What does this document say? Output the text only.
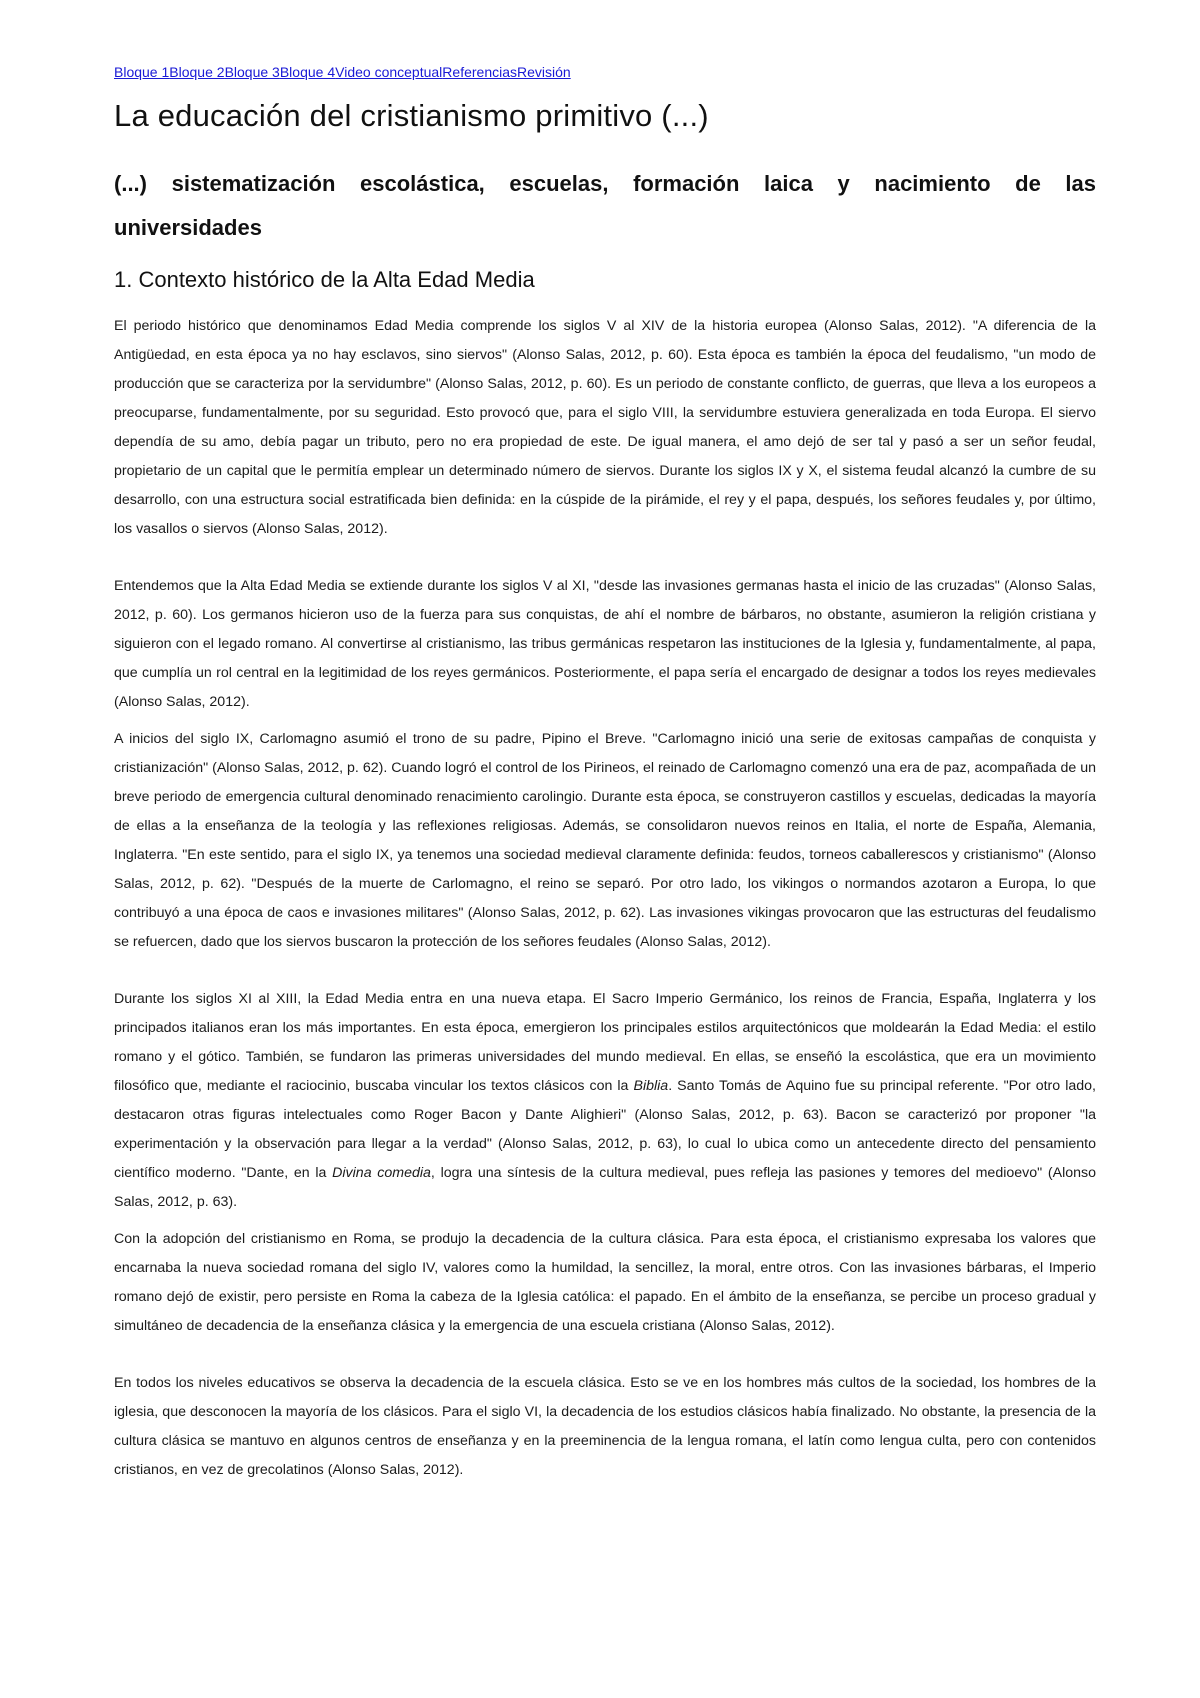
Bloque 1Bloque 2Bloque 3Bloque 4Video conceptualReferenciasRevisión
La educación del cristianismo primitivo (...)
(...) sistematización escolástica, escuelas, formación laica y nacimiento de las universidades
1. Contexto histórico de la Alta Edad Media

El periodo histórico que denominamos Edad Media comprende los siglos V al XIV de la historia europea (Alonso Salas, 2012). "A diferencia de la Antigüedad, en esta época ya no hay esclavos, sino siervos" (Alonso Salas, 2012, p. 60). Esta época es también la época del feudalismo, "un modo de producción que se caracteriza por la servidumbre" (Alonso Salas, 2012, p. 60). Es un periodo de constante conflicto, de guerras, que lleva a los europeos a preocuparse, fundamentalmente, por su seguridad. Esto provocó que, para el siglo VIII, la servidumbre estuviera generalizada en toda Europa. El siervo dependía de su amo, debía pagar un tributo, pero no era propiedad de este. De igual manera, el amo dejó de ser tal y pasó a ser un señor feudal, propietario de un capital que le permitía emplear un determinado número de siervos. Durante los siglos IX y X, el sistema feudal alcanzó la cumbre de su desarrollo, con una estructura social estratificada bien definida: en la cúspide de la pirámide, el rey y el papa, después, los señores feudales y, por último, los vasallos o siervos (Alonso Salas, 2012).

Entendemos que la Alta Edad Media se extiende durante los siglos V al XI, "desde las invasiones germanas hasta el inicio de las cruzadas" (Alonso Salas, 2012, p. 60). Los germanos hicieron uso de la fuerza para sus conquistas, de ahí el nombre de bárbaros, no obstante, asumieron la religión cristiana y siguieron con el legado romano. Al convertirse al cristianismo, las tribus germánicas respetaron las instituciones de la Iglesia y, fundamentalmente, al papa, que cumplía un rol central en la legitimidad de los reyes germánicos. Posteriormente, el papa sería el encargado de designar a todos los reyes medievales (Alonso Salas, 2012).

A inicios del siglo IX, Carlomagno asumió el trono de su padre, Pipino el Breve. "Carlomagno inició una serie de exitosas campañas de conquista y cristianización" (Alonso Salas, 2012, p. 62). Cuando logró el control de los Pirineos, el reinado de Carlomagno comenzó una era de paz, acompañada de un breve periodo de emergencia cultural denominado renacimiento carolingio. Durante esta época, se construyeron castillos y escuelas, dedicadas la mayoría de ellas a la enseñanza de la teología y las reflexiones religiosas. Además, se consolidaron nuevos reinos en Italia, el norte de España, Alemania, Inglaterra. "En este sentido, para el siglo IX, ya tenemos una sociedad medieval claramente definida: feudos, torneos caballerescos y cristianismo" (Alonso Salas, 2012, p. 62). "Después de la muerte de Carlomagno, el reino se separó. Por otro lado, los vikingos o normandos azotaron a Europa, lo que contribuyó a una época de caos e invasiones militares" (Alonso Salas, 2012, p. 62). Las invasiones vikingas provocaron que las estructuras del feudalismo se refuercen, dado que los siervos buscaron la protección de los señores feudales (Alonso Salas, 2012).

Durante los siglos XI al XIII, la Edad Media entra en una nueva etapa. El Sacro Imperio Germánico, los reinos de Francia, España, Inglaterra y los principados italianos eran los más importantes. En esta época, emergieron los principales estilos arquitectónicos que moldearán la Edad Media: el estilo romano y el gótico. También, se fundaron las primeras universidades del mundo medieval. En ellas, se enseñó la escolástica, que era un movimiento filosófico que, mediante el raciocinio, buscaba vincular los textos clásicos con la Biblia. Santo Tomás de Aquino fue su principal referente. "Por otro lado, destacaron otras figuras intelectuales como Roger Bacon y Dante Alighieri" (Alonso Salas, 2012, p. 63). Bacon se caracterizó por proponer "la experimentación y la observación para llegar a la verdad" (Alonso Salas, 2012, p. 63), lo cual lo ubica como un antecedente directo del pensamiento científico moderno. "Dante, en la Divina comedia, logra una síntesis de la cultura medieval, pues refleja las pasiones y temores del medioevo" (Alonso Salas, 2012, p. 63).

Con la adopción del cristianismo en Roma, se produjo la decadencia de la cultura clásica. Para esta época, el cristianismo expresaba los valores que encarnaba la nueva sociedad romana del siglo IV, valores como la humildad, la sencillez, la moral, entre otros. Con las invasiones bárbaras, el Imperio romano dejó de existir, pero persiste en Roma la cabeza de la Iglesia católica: el papado. En el ámbito de la enseñanza, se percibe un proceso gradual y simultáneo de decadencia de la enseñanza clásica y la emergencia de una escuela cristiana (Alonso Salas, 2012).

En todos los niveles educativos se observa la decadencia de la escuela clásica. Esto se ve en los hombres más cultos de la sociedad, los hombres de la iglesia, que desconocen la mayoría de los clásicos. Para el siglo VI, la decadencia de los estudios clásicos había finalizado. No obstante, la presencia de la cultura clásica se mantuvo en algunos centros de enseñanza y en la preeminencia de la lengua romana, el latín como lengua culta, pero con contenidos cristianos, en vez de grecolatinos (Alonso Salas, 2012).
